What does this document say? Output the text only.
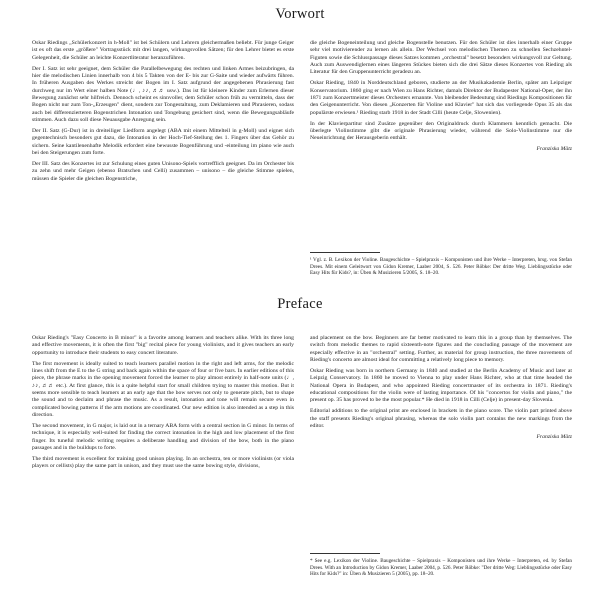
Vorwort

Oskar Riedings „Schülerkonzert in h-Moll" ist bei Schülern und Lehrern gleichermaßen beliebt. Für junge Geiger ist es oft das erste „größere" Vortragsstück mit drei langen, wirkungsvollen Sätzen; für den Lehrer bietet es erste Gelegenheit, die Schüler an leichte Konzertliteratur heranzuführen.

Der I. Satz ist sehr geeignet, dem Schüler die Parallelbewegung des rechten und linken Armes beizubringen, da hier die melodischen Linien innerhalb von 4 bis 5 Takten von der E- bis zur G-Saite und wieder aufwärts führen. In früheren Ausgaben des Werkes streicht der Bogen im I. Satz aufgrund der angegebenen Phrasierung fast durchweg nur im Wert einer halben Note (♩, ♪♪, ♬♬ usw.). Das ist für kleinere Kinder zum Erlernen dieser Bewegung zunächst sehr hilfreich. Dennoch scheint es sinnvoller, dem Schüler schon früh zu vermitteln, dass der Bogen nicht nur zum Ton-„Erzeugen" dient, sondern zur Tongestaltung, zum Deklamieren und Phrasieren, sodass auch bei differenzierteren Bogenstrichen Intonation und Tongebung gesichert sind, wenn die Bewegungsabläufe stimmen. Auch dazu soll diese Neuausgabe Anregung sein.

Der II. Satz (G-Dur) ist in dreiteiliger Liedform angelegt (ABA mit einem Mittelteil in g-Moll) und eignet sich gegentechnisch besonders gut dazu, die Intonation in der Hoch-Tief-Stellung des 1. Fingers über das Gehör zu sichern. Seine kantilenenhafte Melodik erfordert eine bewusste Bogenführung und -einteilung im piano wie auch bei den Steigerungen zum forte.

Der III. Satz des Konzertes ist zur Schulung eines guten Unisono-Spiels vortrefflich geeignet. Da im Orchester bis zu zehn und mehr Geigen (ebenso Bratschen und Celli) zusammen – unisono – die gleiche Stimme spielen, müssen die Spieler die gleichen Bogenstriche,

die gleiche Bogeneinteilung und gleiche Bogenstelle benutzen. Für den Schüler ist dies innerhalb einer Gruppe sehr viel motivierender zu lernen als allein. Der Wechsel von melodischen Themen zu schnellen Sechzehntel-Figuten sowie die Schlusspassage dieses Satzes kommen „orchestral" besetzt besonders wirkungsvoll zur Geltung. Auch zum Auswendiglernen eines längeren Stückes bieten sich die drei Sätze dieses Konzertes von Rieding als Literatur für den Gruppenunterricht geradezu an.

Oskar Rieding, 1840 in Norddeutschland geboren, studierte an der Musikakademie Berlin, später am Leipziger Konservatorium. 1860 ging er nach Wien zu Hans Richter, damals Direktor der Budapester National-Oper, der ihn 1871 zum Konzertmeister dieses Orchesters ernannte. Von bleibender Bedeutung sind Riedings Kompositionen für den Geigenunterricht. Von diesen „Konzerten für Violine und Klavier" hat sich das vorliegende Opus 35 als das populärste erwiesen.¹ Rieding starb 1918 in der Stadt Cilli (heute Celje, Slowenien).

In der Klavierpartitur sind Zusätze gegenüber den Originaldruck durch Klammern kenntlich gemacht. Die überlegte Violinstimme gibt die originale Phrasierung wieder, während die Solo-Violinstimme nur die Neueinrichtung der Herausgeberin enthält.

Franziska Mätz
¹ Vgl. z. B. Lexikon der Violine. Baugeschichte – Spielpraxis – Komponisten und ihre Werke – Interpreten, hrsg. von Stefan Drees. Mit einem Geleitwort von Gidon Kremer, Laaber 2004, S. 526. Peter Röbke: Der dritte Weg. Lieblingsstücke oder Easy Hits für Kids?, in: Üben & Musizieren 5/2005, S. 18–20.
Preface

Oskar Rieding's "Easy Concerto in B minor" is a favorite among learners and teachers alike. With its three long and effective movements, it is often the first "big" recital piece for young violinists, and it gives teachers an early opportunity to introduce their students to easy concert literature.

The first movement is ideally suited to teach learners parallel motion in the right and left arms, for the melodic lines shift from the E to the G string and back again within the space of four or five bars. In earlier editions of this piece, the phrase marks in the opening movement forced the learner to play almost entirely in half-note units (♩, ♪♪, ♬♬ etc.). At first glance, this is a quite helpful start for small children trying to master this motion. But it seems more sensible to teach learners at an early age that the bow serves not only to generate pitch, but to shape the sound and to declaim and phrase the music. As a result, intonation and tone will remain secure even in complicated bowing patterns if the arm motions are coordinated. Our new edition is also intended as a step in this direction.

The second movement, in G major, is laid out in a ternary ABA form with a central section in G minor. In terms of technique, it is especially well-suited for finding the correct intonation in the high and low placement of the first finger. Its tuneful melodic writing requires a deliberate handling and division of the bow, both in the piano passages and in the buildups to forte.

The third movement is excellent for training good unison playing. In an orchestra, ten or more violinists (or viola players or cellists) play the same part in unison, and they must use the same bowing style, divisions,

and placement on the bow. Beginners are far better motivated to learn this in a group than by themselves. The switch from melodic themes to rapid sixteenth-note figures and the concluding passage of the movement are especially effective in an "orchestral" setting. Further, as material for group instruction, the three movements of Rieding's concerto are almost ideal for committing a relatively long piece to memory.

Oskar Rieding was born in northern Germany in 1840 and studied at the Berlin Academy of Music and later at Leipzig Conservatory. In 1860 he moved to Vienna to play under Hans Richter, who at that time headed the National Opera in Budapest, and who appointed Rieding concertmaster of its orchestra in 1871. Rieding's educational compositions for the violin were of lasting importance. Of his "concertos for violin and piano," the present op. 35 has proved to be the most popular.* He died in 1918 in Cilli (Celje) in present-day Slovenia.

Editorial additions to the original print are enclosed in brackets in the piano score. The violin part printed above the staff presents Rieding's original phrasing, whereas the solo violin part contains the new markings from the editor.

Franziska Mätz
* See e.g. Lexikon der Violine. Baugeschichte – Spielpraxis – Komponisten und ihre Werke – Interpreten, ed. by Stefan Drees. With an Introduction by Gidon Kremer, Laaber 2004, p. 526. Peter Röbke: "Der dritte Weg: Lieblingsstücke oder Easy Hits for Kids?" in: Üben & Musizieren 5 (2005), pp. 18–20.
